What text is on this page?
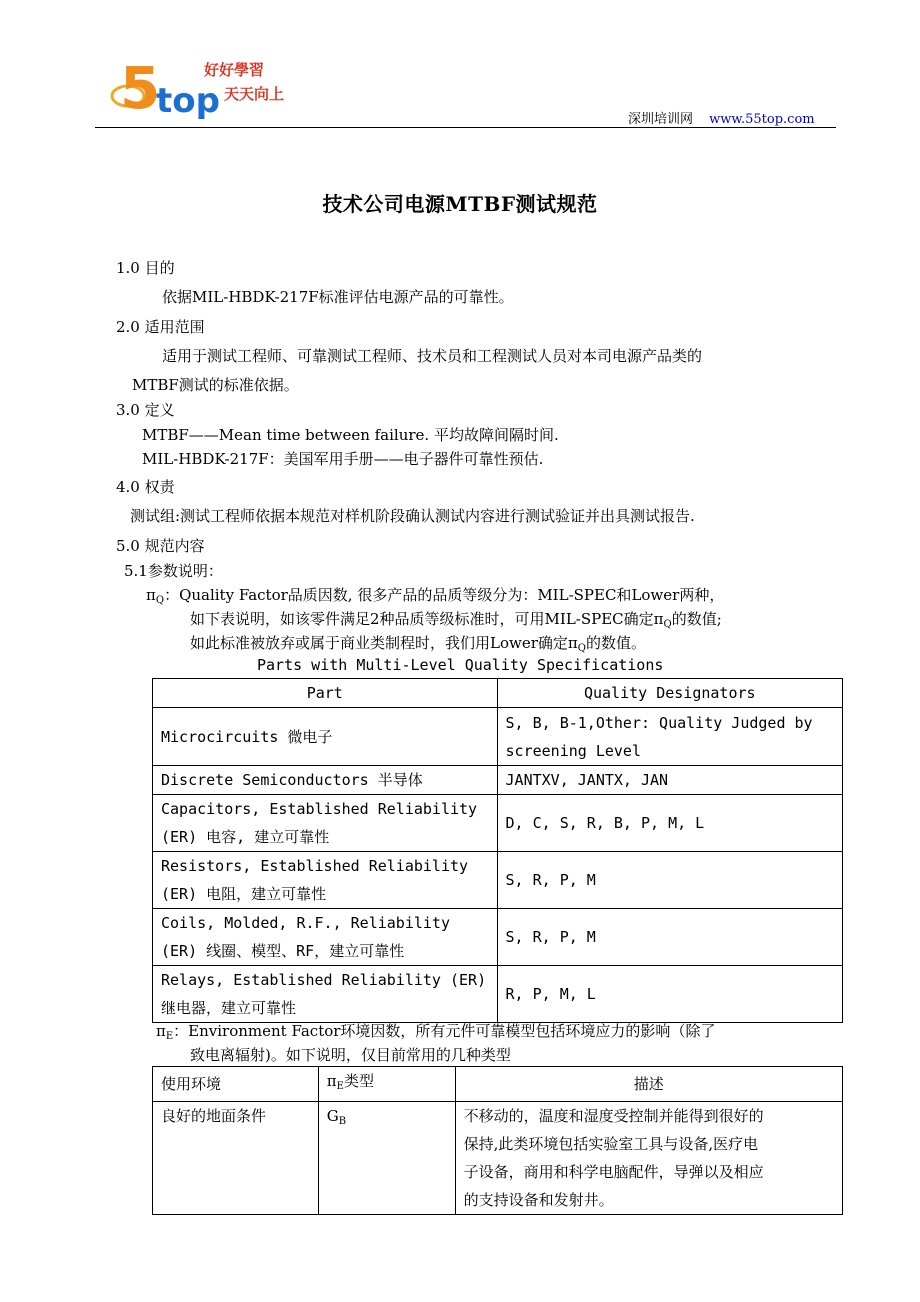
5
top
好好學習
天天向上
深圳培训网 www.55top.com
技术公司电源MTBF测试规范
1.0 目的
依据MIL-HBDK-217F标准评估电源产品的可靠性。
2.0 适用范围
适用于测试工程师、可靠测试工程师、技术员和工程测试人员对本司电源产品类的
MTBF测试的标准依据。
3.0 定义
MTBF——Mean time between failure. 平均故障间隔时间.
MIL-HBDK-217F：美国军用手册——电子器件可靠性预估.
4.0 权责
测试组:测试工程师依据本规范对样机阶段确认测试内容进行测试验证并出具测试报告.
5.0 规范内容
5.1参数说明：
$\pi_Q$：Quality Factor品质因数, 很多产品的品质等级分为：MIL-SPEC和Lower两种，
如下表说明，如该零件满足2种品质等级标准时，可用MIL-SPEC确定$\pi_Q$的数值;
如此标准被放弃或属于商业类制程时，我们用Lower确定$\pi_Q$的数值。
Parts with Multi-Level Quality Specifications
Part	Quality Designators

Microcircuits 微电子	S, B, B-1,Other: Quality Judged by
screening Level

Discrete Semiconductors 半导体	JANTXV, JANTX, JAN

Capacitors, Established Reliability
(ER) 电容, 建立可靠性	D, C, S, R, B, P, M, L

Resistors, Established Reliability
(ER) 电阻，建立可靠性	S, R, P, M

Coils, Molded, R.F., Reliability
(ER) 线圈、模型、RF，建立可靠性	S, R, P, M

Relays, Established Reliability (ER)
继电器，建立可靠性	R, P, M, L
$\pi_E$：Environment Factor环境因数，所有元件可靠模型包括环境应力的影响（除了
致电离辐射)。如下说明，仅目前常用的几种类型
使用环境	$\pi_E$类型	描述
良好的地面条件	$G_B$	不移动的，温度和湿度受控制并能得到很好的
保持,此类环境包括实验室工具与设备,医疗电
子设备，商用和科学电脑配件，导弹以及相应
的支持设备和发射井。
